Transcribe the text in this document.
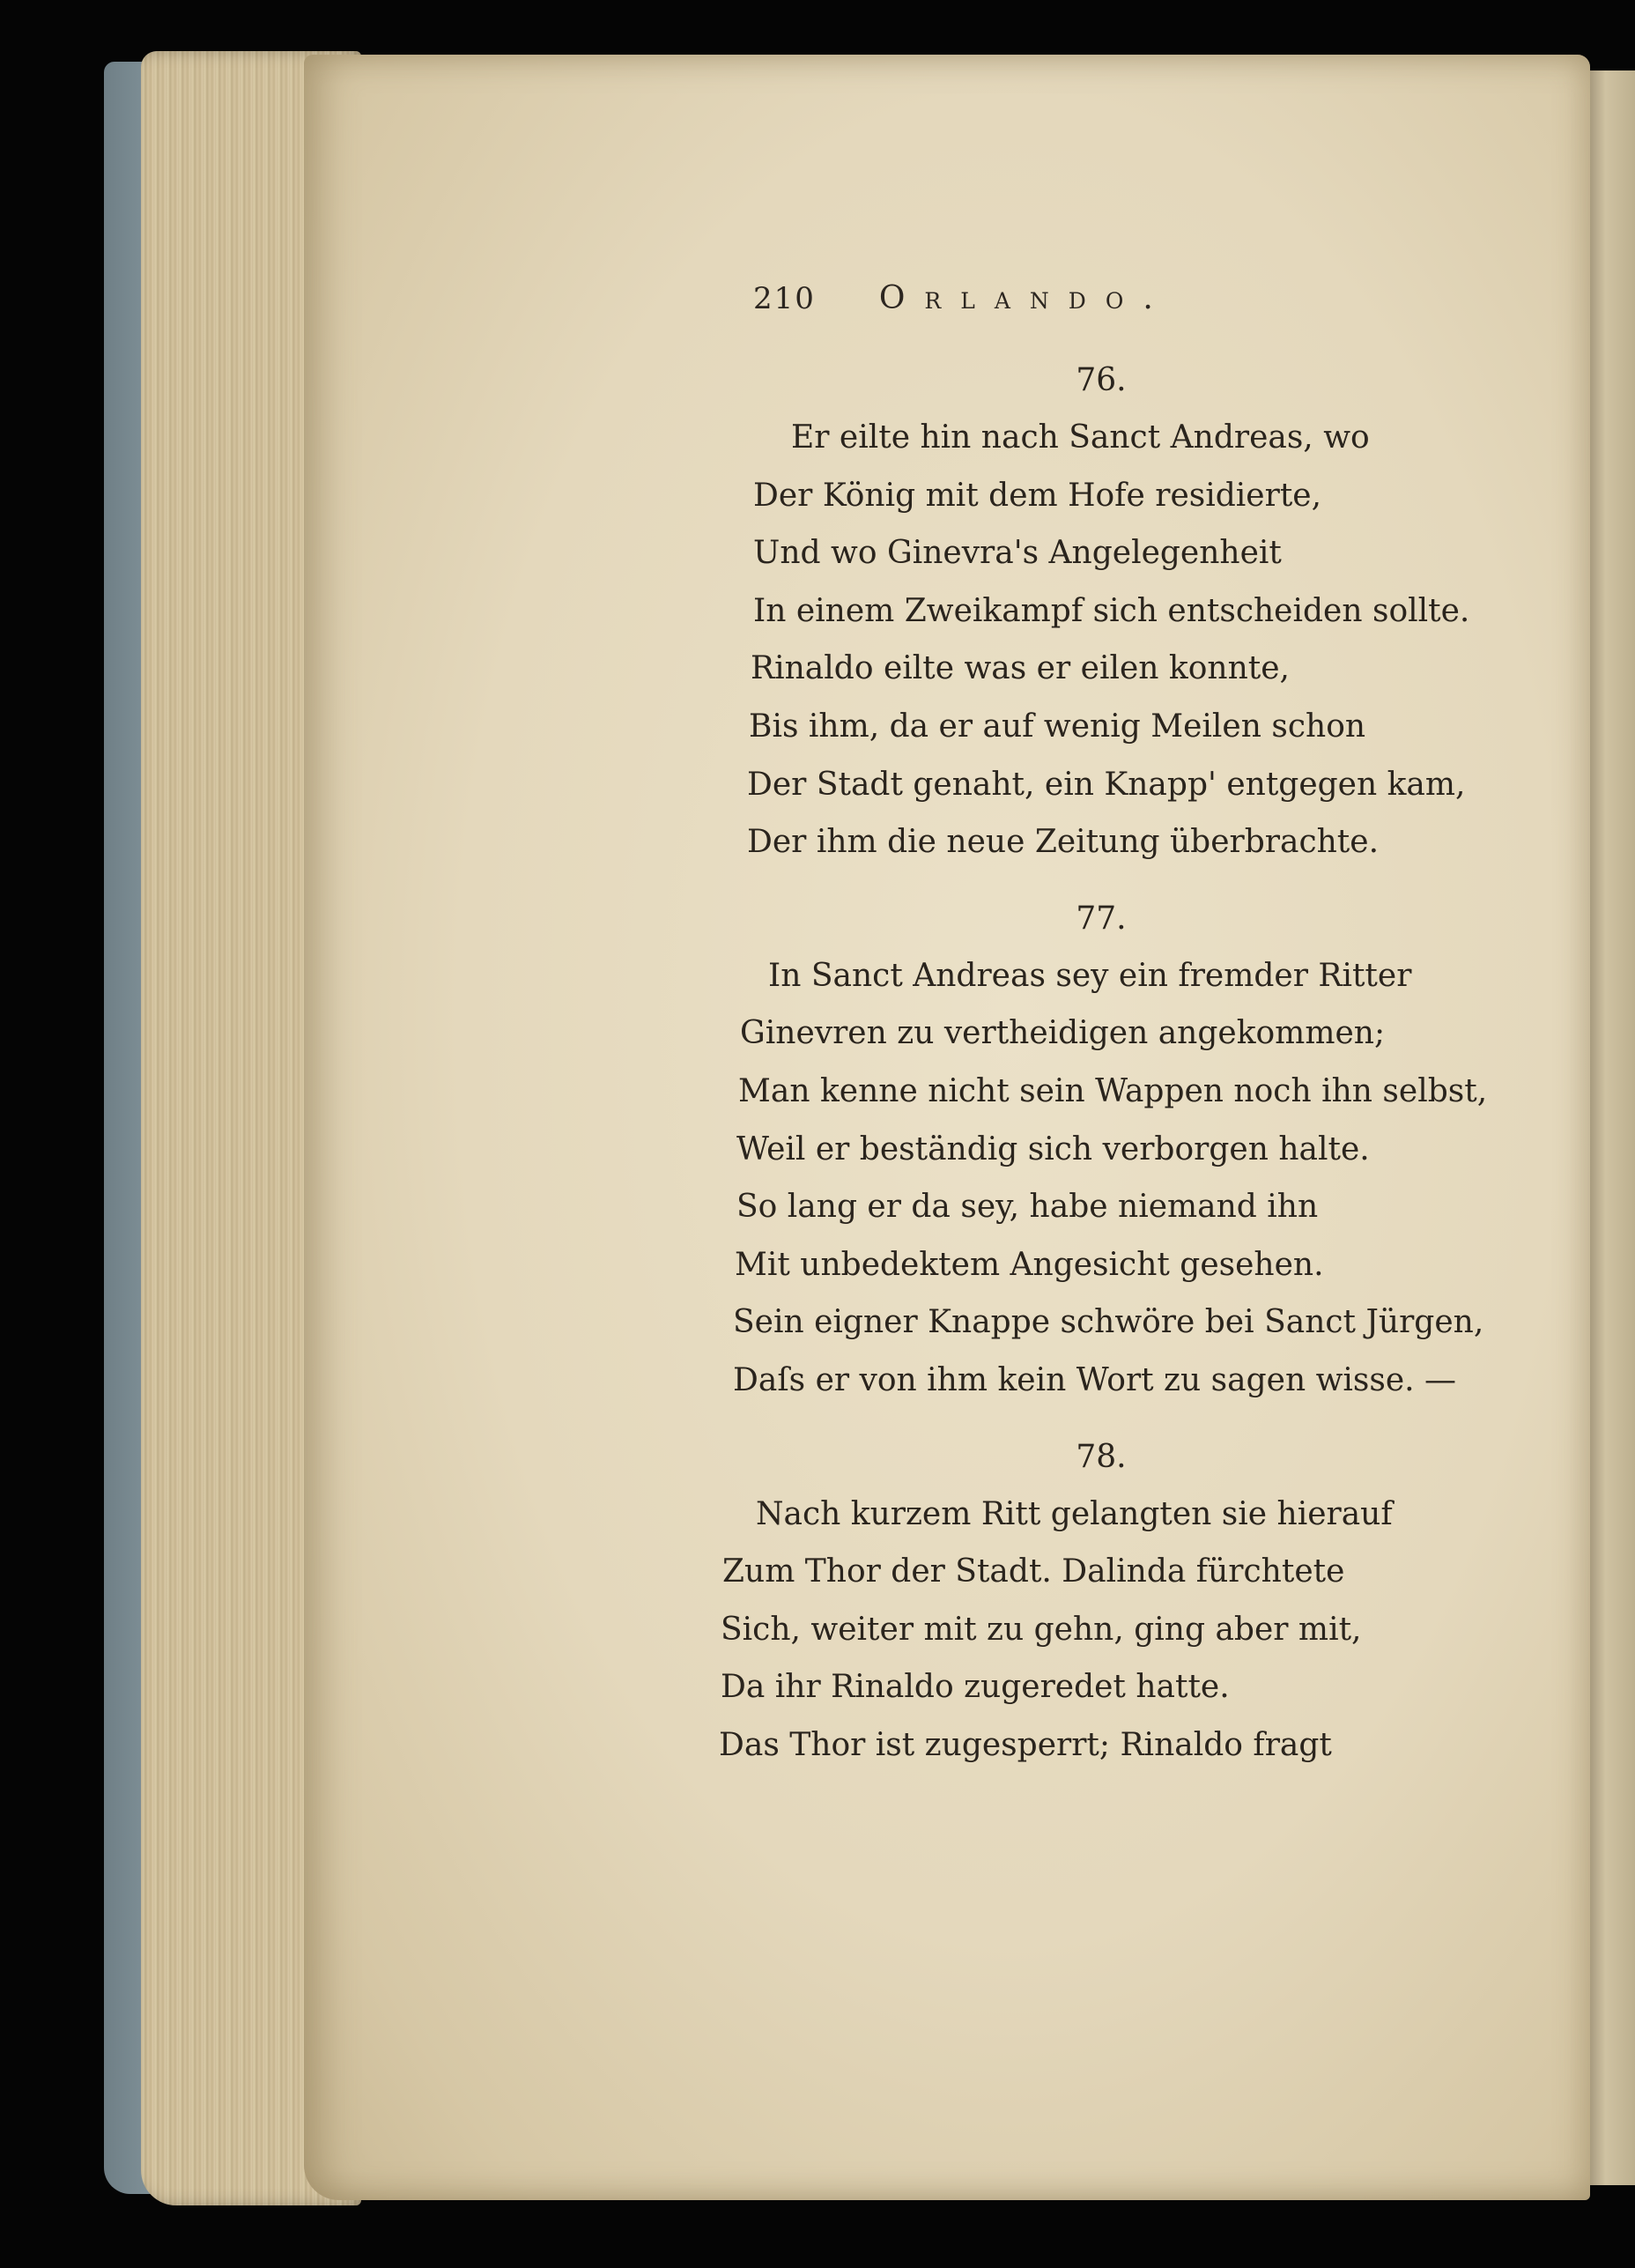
210 Orlando.
76.
Er eilte hin nach Sanct Andreas, wo
Der König mit dem Hofe residierte,
Und wo Ginevra's Angelegenheit
In einem Zweikampf sich entscheiden sollte.
Rinaldo eilte was er eilen konnte,
Bis ihm, da er auf wenig Meilen schon
Der Stadt genaht, ein Knapp' entgegen kam,
Der ihm die neue Zeitung überbrachte.
77.
In Sanct Andreas sey ein fremder Ritter
Ginevren zu vertheidigen angekommen;
Man kenne nicht sein Wappen noch ihn selbst,
Weil er beständig sich verborgen halte.
So lang er da sey, habe niemand ihn
Mit unbedektem Angesicht gesehen.
Sein eigner Knappe schwöre bei Sanct Jürgen,
Daſs er von ihm kein Wort zu sagen wisse. —
78.
Nach kurzem Ritt gelangten sie hierauf
Zum Thor der Stadt. Dalinda fürchtete
Sich, weiter mit zu gehn, ging aber mit,
Da ihr Rinaldo zugeredet hatte.
Das Thor ist zugesperrt; Rinaldo fragt
